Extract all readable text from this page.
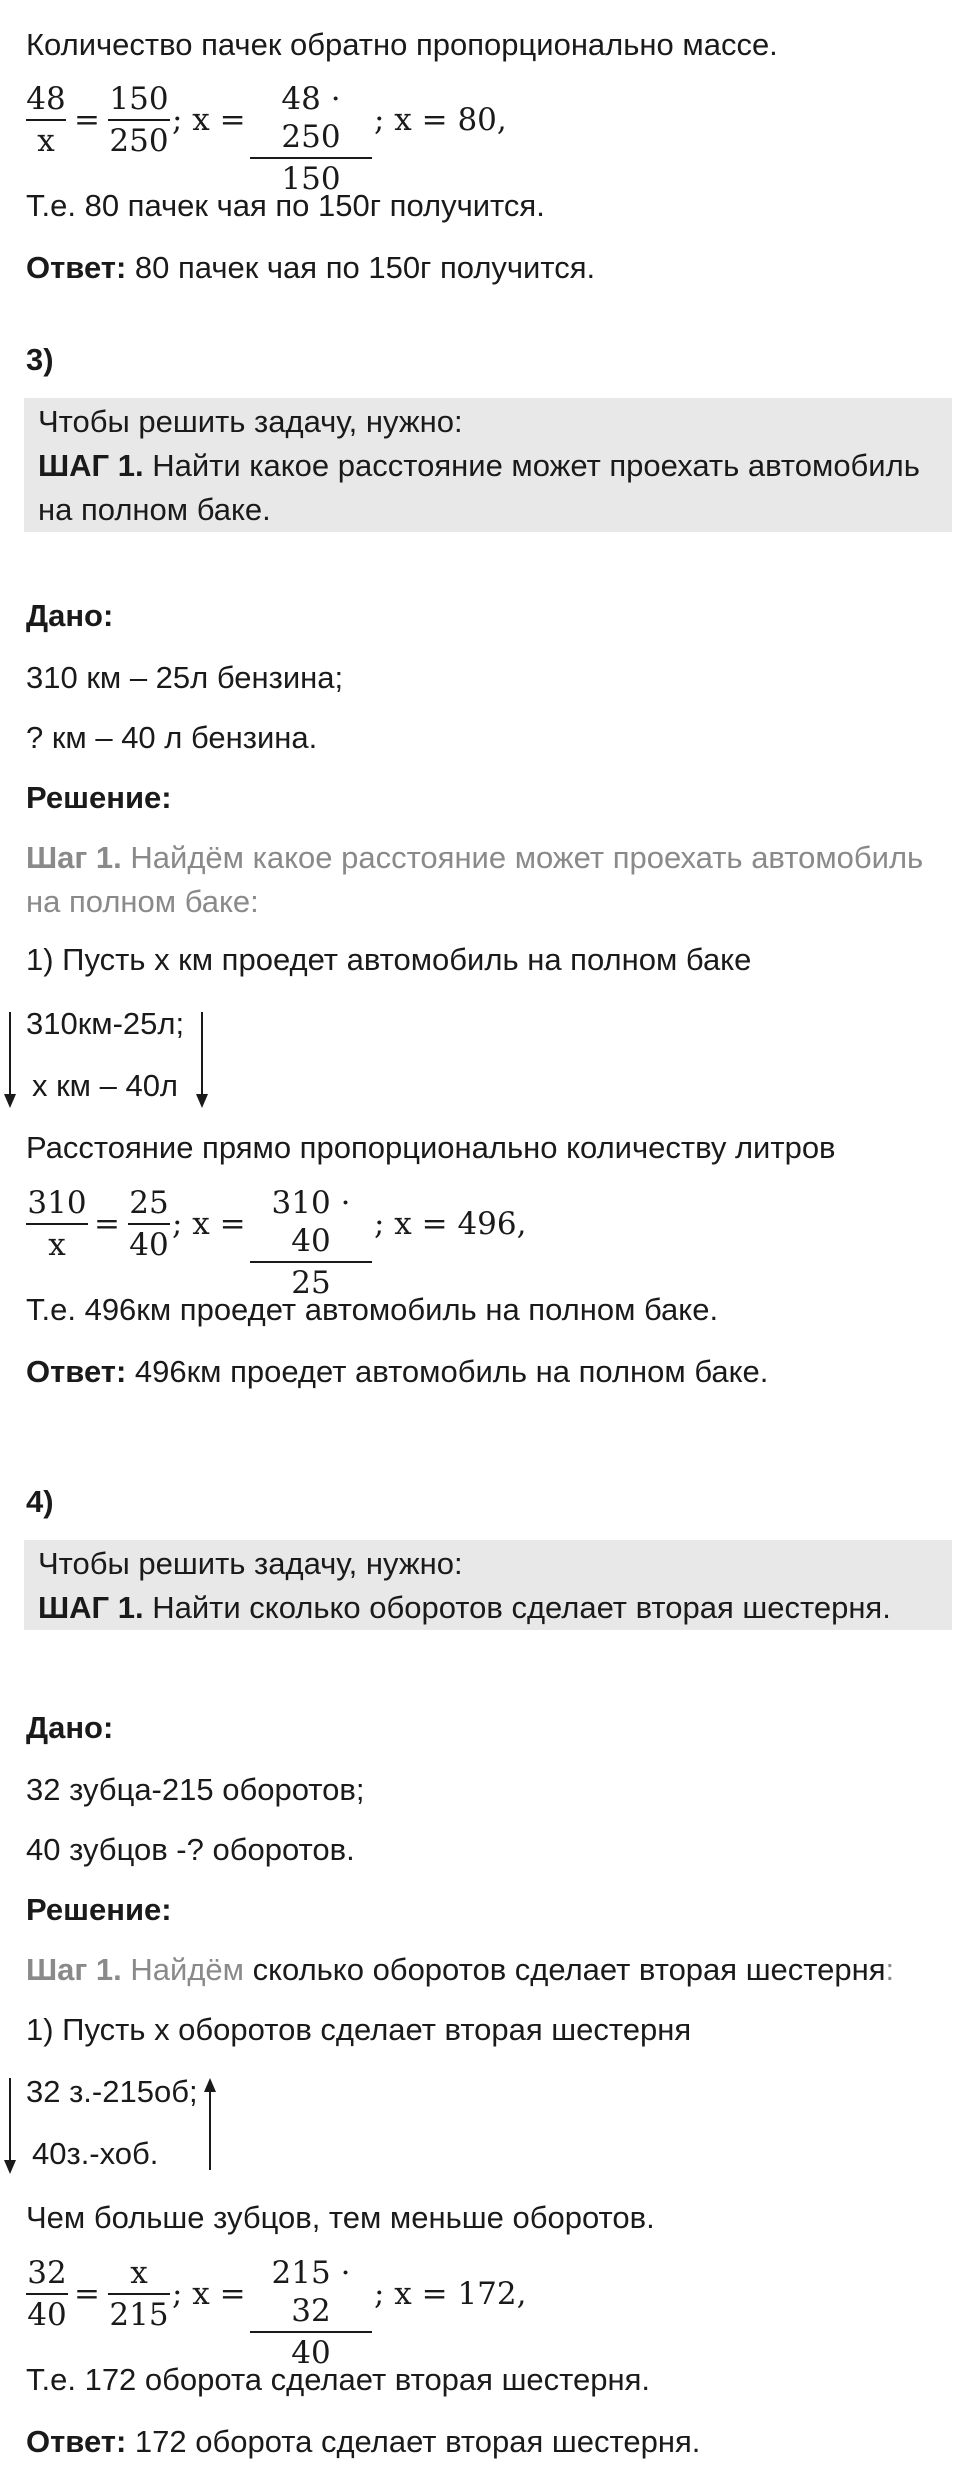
Количество пачек обратно пропорционально массе.
48
x
=
150
250
; x =
48 · 250
150
; x = 80,
Т.е. 80 пачек чая по 150г получится.
Ответ: 80 пачек чая по 150г получится.
3)
Чтобы решить задачу, нужно:
ШАГ 1. Найти какое расстояние может проехать автомобиль
на полном баке.
Дано:
310 км – 25л бензина;
? км – 40 л бензина.
Решение:
Шаг 1. Найдём какое расстояние может проехать автомобиль
на полном баке:
1) Пусть х км проедет автомобиль на полном баке
310км-25л;
х км – 40л
Расстояние прямо пропорционально количеству литров
310
x
=
25
40
; x =
310 · 40
25
; x = 496,
Т.е. 496км проедет автомобиль на полном баке.
Ответ: 496км проедет автомобиль на полном баке.
4)
Чтобы решить задачу, нужно:
ШАГ 1. Найти сколько оборотов сделает вторая шестерня.
Дано:
32 зубца-215 оборотов;
40 зубцов -? оборотов.
Решение:
Шаг 1. Найдём сколько оборотов сделает вторая шестерня:
1) Пусть х оборотов сделает вторая шестерня
32 з.-215об;
40з.-хоб.
Чем больше зубцов, тем меньше оборотов.
32
40
=
x
215
; x =
215 · 32
40
; x = 172,
Т.е. 172 оборота сделает вторая шестерня.
Ответ: 172 оборота сделает вторая шестерня.
